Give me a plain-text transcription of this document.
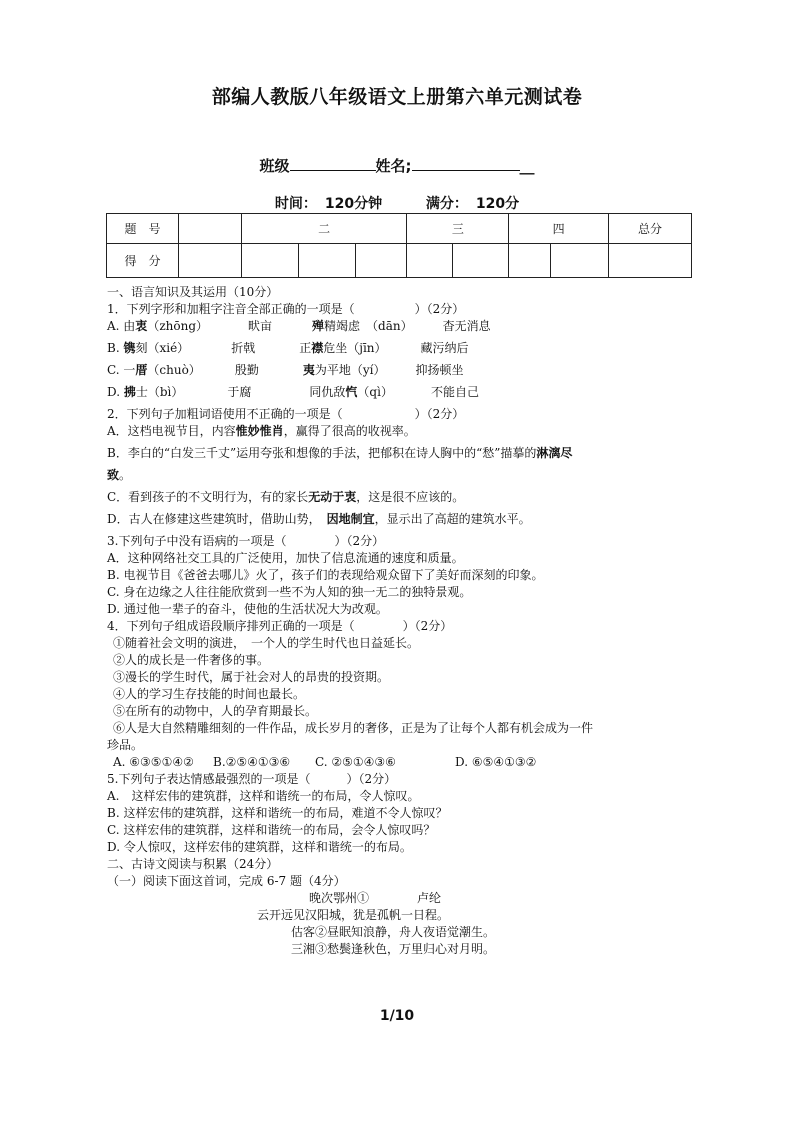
部编人教版八年级语文上册第六单元测试卷
班级	姓名;	__
时间： 120分钟	满分： 120分
题　号		二			三		四		总分
得　分									
一、语言知识及其运用（10分）
1．下列字形和加粗字注音全部正确的一项是（　　　　　）（2分）
A. 由衷（zhōng）	畎亩	殚精竭虑　（dān）	杳无消息
B. 镌刻（xié）	折戟	正襟危坐（jīn）	藏污纳后
C. 一厝（chuò）	殷勤	夷为平地（yí）	抑扬顿坐
D. 拂士（bì）	于腐	同仇敌忾（qì）	不能自己
2．下列句子加粗词语使用不正确的一项是（　　　　　　）（2分）
A．这档电视节目，内容惟妙惟肖，赢得了很高的收视率。
B．李白的“白发三千丈”运用夸张和想像的手法，把郁积在诗人胸中的“愁”描摹的淋漓尽
致。
C．看到孩子的不文明行为，有的家长无动于衷，这是很不应该的。
D．古人在修建这些建筑时，借助山势，　因地制宜，显示出了高超的建筑水平。
3.下列句子中没有语病的一项是（　　　　）（2分）
A．这种网络社交工具的广泛使用，加快了信息流通的速度和质量。
B. 电视节目《爸爸去哪儿》火了，孩子们的表现给观众留下了美好而深刻的印象。
C. 身在边缘之人往往能欣赏到一些不为人知的独一无二的独特景观。
D. 通过他一辈子的奋斗，使他的生活状况大为改观。
4．下列句子组成语段顺序排列正确的一项是（　　　　）（2分）
①随着社会文明的演进，　一个人的学生时代也日益延长。
②人的成长是一件奢侈的事。
③漫长的学生时代，属于社会对人的昂贵的投资期。
④人的学习生存技能的时间也最长。
⑤在所有的动物中，人的孕育期最长。
⑥人是大自然精雕细刻的一件作品，成长岁月的奢侈，正是为了让每个人都有机会成为一件
珍品。
A. ⑥③⑤①④② B.②⑤④①③⑥ C. ②⑤①④③⑥	D. ⑥⑤④①③②
5.下列句子表达情感最强烈的一项是（　　　）（2分）
A.　这样宏伟的建筑群，这样和谐统一的布局，令人惊叹。
B. 这样宏伟的建筑群，这样和谐统一的布局，难道不令人惊叹？
C. 这样宏伟的建筑群，这样和谐统一的布局，会令人惊叹吗？
D. 令人惊叹，这样宏伟的建筑群，这样和谐统一的布局。
二、古诗文阅读与积累（24分）
（一）阅读下面这首词，完成 6-7 题（4分）
晚次鄂州①　　　　卢纶
云开远见汉阳城，犹是孤帆一日程。
估客②昼眠知浪静，舟人夜语觉潮生。
三湘③愁鬓逢秋色，万里归心对月明。
1/10
